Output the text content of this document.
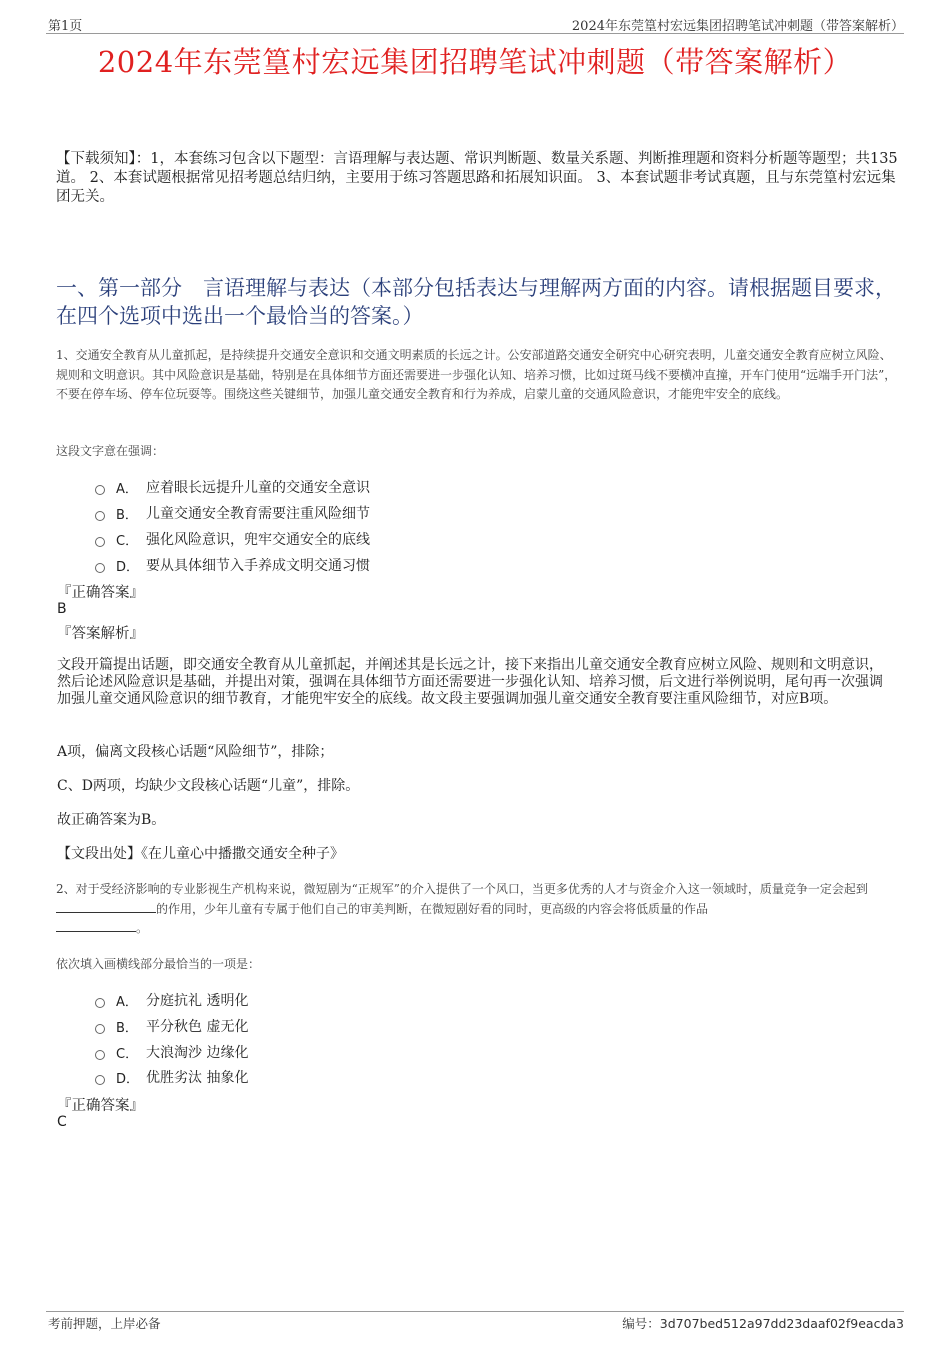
第1页	2024年东莞篁村宏远集团招聘笔试冲刺题（带答案解析）
2024年东莞篁村宏远集团招聘笔试冲刺题（带答案解析）
【下载须知】：1，本套练习包含以下题型：言语理解与表达题、常识判断题、数量关系题、判断推理题和资料分析题等题型；共135道。 2、本套试题根据常见招考题总结归纳，主要用于练习答题思路和拓展知识面。 3、本套试题非考试真题，且与东莞篁村宏远集团无关。
一、第一部分　言语理解与表达（本部分包括表达与理解两方面的内容。请根据题目要求，在四个选项中选出一个最恰当的答案。）
1、交通安全教育从儿童抓起，是持续提升交通安全意识和交通文明素质的长远之计。公安部道路交通安全研究中心研究表明，儿童交通安全教育应树立风险、规则和文明意识。其中风险意识是基础，特别是在具体细节方面还需要进一步强化认知、培养习惯，比如过斑马线不要横冲直撞，开车门使用“远端手开门法”，不要在停车场、停车位玩耍等。围绕这些关键细节，加强儿童交通安全教育和行为养成，启蒙儿童的交通风险意识，才能兜牢安全的底线。
这段文字意在强调：
A． 应着眼长远提升儿童的交通安全意识
B． 儿童交通安全教育需要注重风险细节
C． 强化风险意识，兜牢交通安全的底线
D． 要从具体细节入手养成文明交通习惯
『正确答案』
B
『答案解析』
文段开篇提出话题，即交通安全教育从儿童抓起，并阐述其是长远之计，接下来指出儿童交通安全教育应树立风险、规则和文明意识，然后论述风险意识是基础，并提出对策，强调在具体细节方面还需要进一步强化认知、培养习惯，后文进行举例说明，尾句再一次强调加强儿童交通风险意识的细节教育，才能兜牢安全的底线。故文段主要强调加强儿童交通安全教育要注重风险细节，对应B项。
A项，偏离文段核心话题“风险细节”，排除；
C、D两项，均缺少文段核心话题“儿童”，排除。
故正确答案为B。
【文段出处】《在儿童心中播撒交通安全种子》
2、对于受经济影响的专业影视生产机构来说，微短剧为“正规军”的介入提供了一个风口，当更多优秀的人才与资金介入这一领域时，质量竞争一定会起到的作用，少年儿童有专属于他们自己的审美判断，在微短剧好看的同时，更高级的内容会将低质量的作品
。
依次填入画横线部分最恰当的一项是：
A． 分庭抗礼 透明化
B． 平分秋色 虚无化
C． 大浪淘沙 边缘化
D． 优胜劣汰 抽象化
『正确答案』
C
考前押题，上岸必备	编号：3d707bed512a97dd23daaf02f9eacda3
